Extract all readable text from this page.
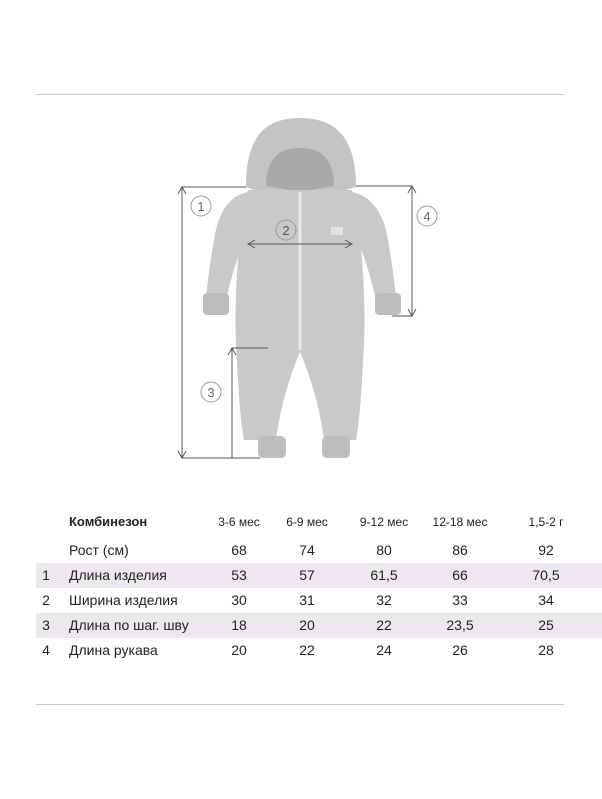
1
2
3
4
Комбинезон	3-6 мес	6-9 мес	9-12 мес	12-18 мес	1,5-2 г
Рост (см)	68	74	80	86	92
1 Длина изделия	53	57	61,5	66	70,5
2 Ширина изделия	30	31	32	33	34
3 Длина по шаг. шву	18	20	22	23,5	25
4 Длина рукава	20	22	24	26	28
